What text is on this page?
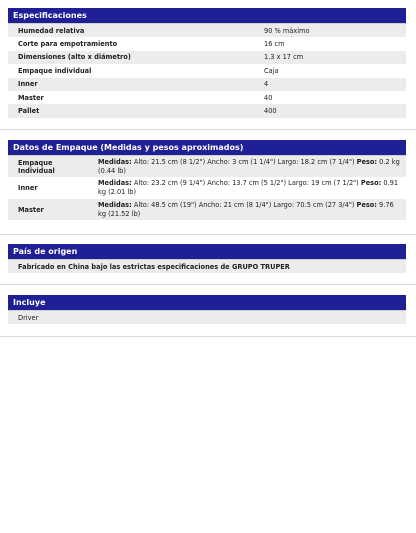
Especificaciones
Humedad relativa	90 % máximo
Corte para empotramiento	16 cm
Dimensiones (alto x diámetro)	1.3 x 17 cm
Empaque individual	Caja
Inner	4
Master	40
Pallet	400
Datos de Empaque (Medidas y pesos aproximados)
Empaque Individual	Medidas: Alto: 21.5 cm (8 1/2") Ancho: 3 cm (1 1/4") Largo: 18.2 cm (7 1/4") Peso: 0.2 kg (0.44 lb)
Inner	Medidas: Alto: 23.2 cm (9 1/4") Ancho: 13.7 cm (5 1/2") Largo: 19 cm (7 1/2") Peso: 0.91 kg (2.01 lb)
Master	Medidas: Alto: 48.5 cm (19") Ancho: 21 cm (8 1/4") Largo: 70.5 cm (27 3/4") Peso: 9.76 kg (21.52 lb)
País de origen
Fabricado en China bajo las estrictas especificaciones de GRUPO TRUPER
Incluye
Driver
